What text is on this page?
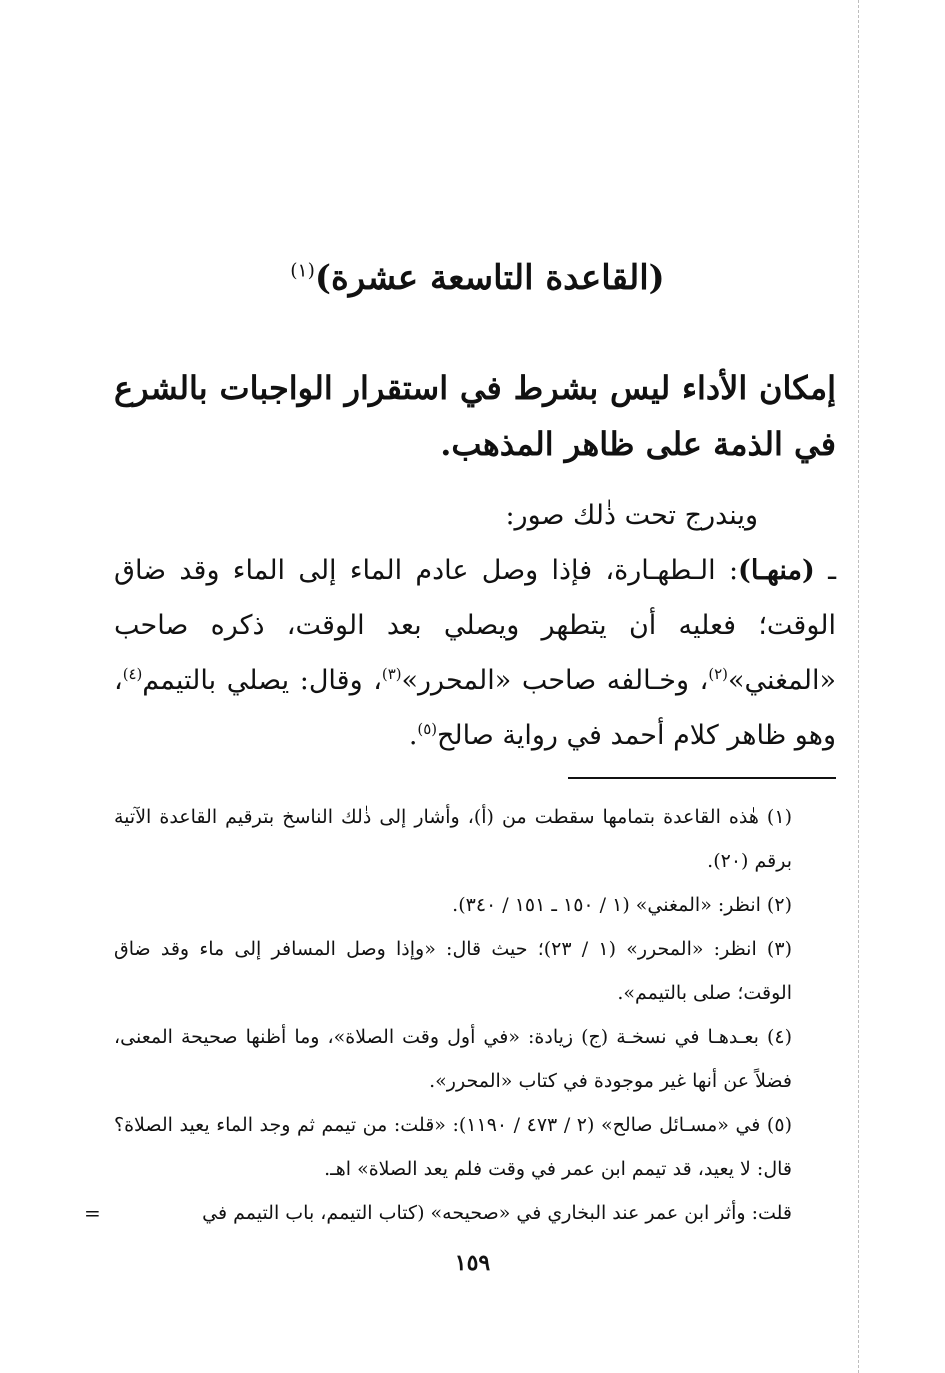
(القاعدة التاسعة عشرة)$^{(١)}$
إمكان الأداء ليس بشرط في استقرار الواجبات بالشرع في الذمة على ظاهر المذهب.

ويندرج تحت ذٰلك صور:

ـ (منهـا): الـطهـارة، فإذا وصل عادم الماء إلى الماء وقد ضاق الوقت؛ فعليه أن يتطهر ويصلي بعد الوقت، ذكره صاحب «المغني»$^{(٢)}$، وخـالفه صاحب «المحرر»$^{(٣)}$، وقال: يصلي بالتيمم$^{(٤)}$، وهو ظاهر كلام أحمد في رواية صالح$^{(٥)}$.

(١) هٰذه القاعدة بتمامها سقطت من (أ)، وأشار إلى ذٰلك الناسخ بترقيم القاعدة الآتية برقم (٢٠).

(٢) انظر: «المغني» (١ / ١٥٠ ـ ١٥١ / ٣٤٠).

(٣) انظر: «المحرر» (١ / ٢٣)؛ حيث قال: «وإذا وصل المسافر إلى ماء وقد ضاق الوقت؛ صلى بالتيمم».

(٤) بعـدهـا في نسخـة (ج) زيادة: «في أول وقت الصلاة»، وما أظنها صحيحة المعنى، فضلاً عن أنها غير موجودة في كتاب «المحرر».

(٥) في «مسـائل صالح» (٢ / ٤٧٣ / ١١٩٠): «قلت: من تيمم ثم وجد الماء يعيد الصلاة؟ قال: لا يعيد، قد تيمم ابن عمر في وقت فلم يعد الصلاة» اهـ.

قلت: وأثر ابن عمر عند البخاري في «صحيحه» (كتاب التيمم، باب التيمم في
=

١٥٩
